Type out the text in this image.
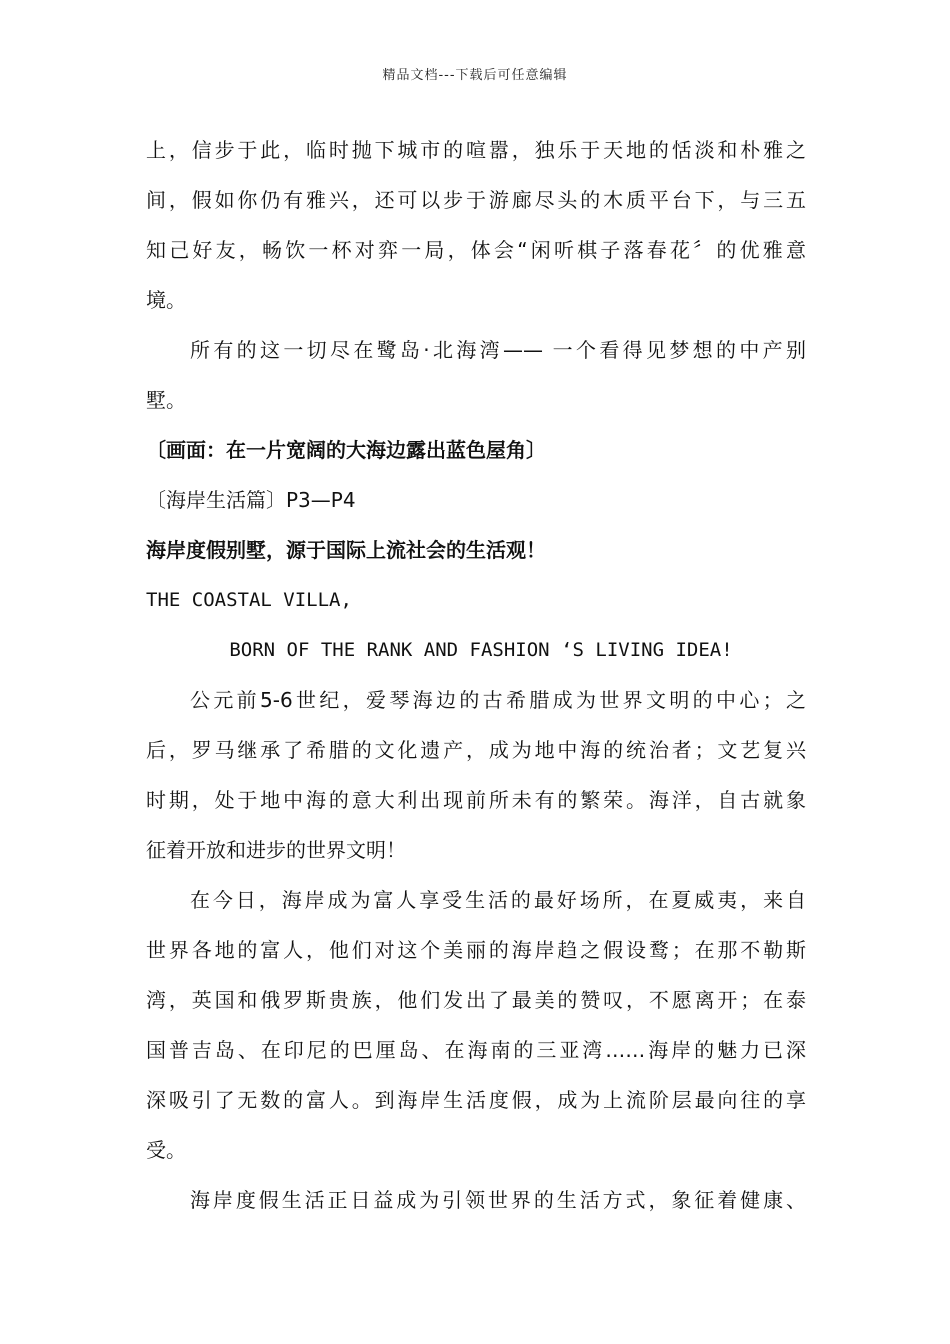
精品文档---下载后可任意编辑

上，信步于此，临时抛下城市的喧嚣，独乐于天地的恬淡和朴雅之

间，假如你仍有雅兴，还可以步于游廊尽头的木质平台下，与三五

知己好友，畅饮一杯对弈一局，体会“闲听棋子落春花〞的优雅意

境。

所有的这一切尽在鹭岛·北海湾—— 一个看得见梦想的中产别

墅。

〔画面：在一片宽阔的大海边露出蓝色屋角〕

〔海岸生活篇〕P3—P4

海岸度假别墅，源于国际上流社会的生活观！

THE COASTAL VILLA,

BORN OF THE RANK AND FASHION ‘S LIVING IDEA!

公元前5-6世纪，爱琴海边的古希腊成为世界文明的中心；之

后，罗马继承了希腊的文化遗产，成为地中海的统治者；文艺复兴

时期，处于地中海的意大利出现前所未有的繁荣。海洋，自古就象

征着开放和进步的世界文明！

在今日，海岸成为富人享受生活的最好场所，在夏威夷，来自

世界各地的富人，他们对这个美丽的海岸趋之假设鹜；在那不勒斯

湾，英国和俄罗斯贵族，他们发出了最美的赞叹，不愿离开；在泰

国普吉岛、在印尼的巴厘岛、在海南的三亚湾……海岸的魅力已深

深吸引了无数的富人。到海岸生活度假，成为上流阶层最向往的享

受。

海岸度假生活正日益成为引领世界的生活方式，象征着健康、
